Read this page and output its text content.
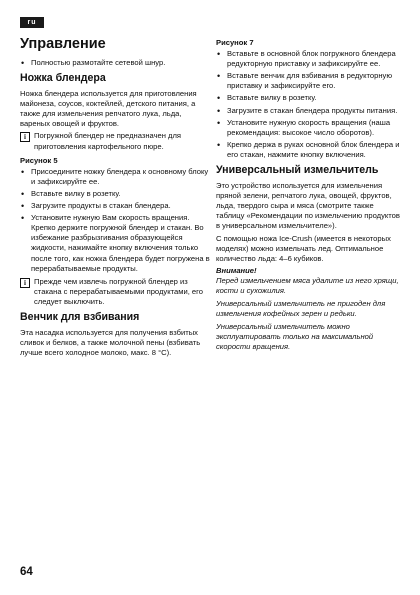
ru
Управление
• Полностью размотайте сетевой шнур.
Ножка блендера

Ножка блендера используется для приготовления майонеза, соусов, коктейлей, детского питания, а также для измельчения репчатого лука, льда, вареных овощей и фруктов.

i	Погружной блендер не предназначен для приготовления картофельного пюре.
Рисунок 5
• Присоедините ножку блендера к основному блоку и зафиксируйте ее.
• Вставьте вилку в розетку.
• Загрузите продукты в стакан блендера.
• Установите нужную Вам скорость вращения. Крепко держите погружной блендер и стакан. Во избежание разбрызгивания образующейся жидкости, нажимайте кнопку включения только после того, как ножка блендера будет погружена в перерабатываемые продукты.
i	Прежде чем извлечь погружной блендер из стакана с перерабатываемыми продуктами, его следует выключить.
Венчик для взбивания

Эта насадка используется для получения взбитых сливок и белков, а также молочной пены (взбивать лучше всего холодное молоко, макс. 8 °C).

Рисунок 7
• Вставьте в основной блок погружного блендера редукторную приставку и зафиксируйте ее.
• Вставьте венчик для взбивания в редукторную приставку и зафиксируйте его.
• Вставьте вилку в розетку.
• Загрузите в стакан блендера продукты питания.
• Установите нужную скорость вращения (наша рекомендация: высокое число оборотов).
• Крепко держа в руках основной блок блендера и его стакан, нажмите кнопку включения.
Универсальный измельчитель

Это устройство используется для измельчения пряной зелени, репчатого лука, овощей, фруктов, льда, твердого сыра и мяса (смотрите также таблицу «Рекомендации по измельчению продуктов в универсальном измельчителе»).

С помощью ножа Ice-Crush (имеется в некоторых моделях) можно измельчать лед. Оптимальное количество льда: 4–6 кубиков.

Внимание!

Перед измельчением мяса удалите из него хрящи, кости и сухожилия.

Универсальный измельчитель не пригоден для измельчения кофейных зерен и редьки.

Универсальный измельчитель можно эксплуатировать только на максимальной скорости вращения.

64
